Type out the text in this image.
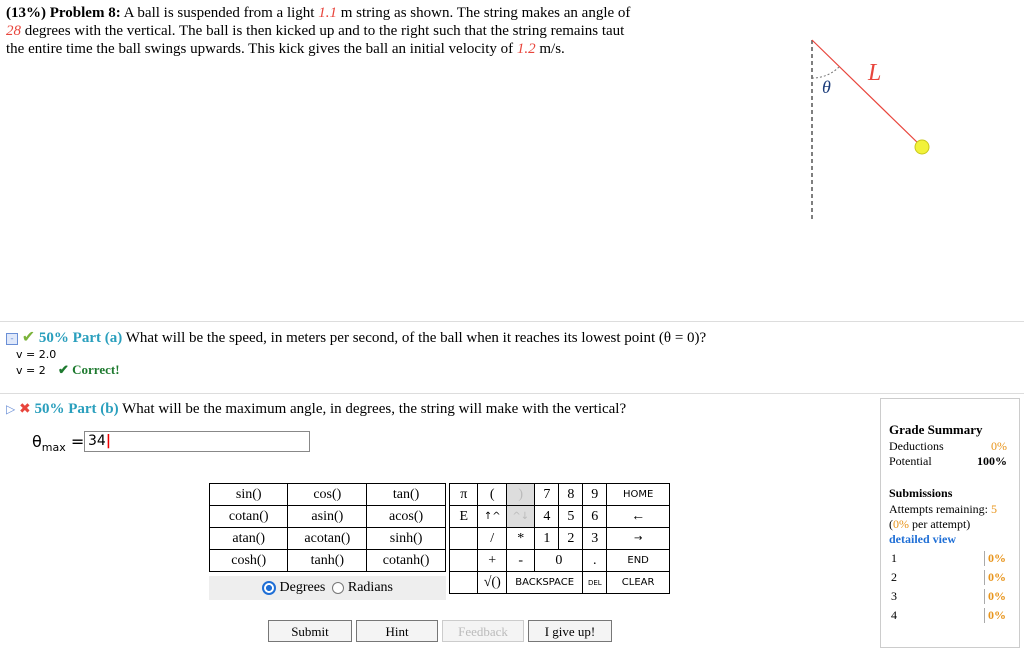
(13%) Problem 8: A ball is suspended from a light 1.1 m string as shown. The string makes an angle of 28 degrees with the vertical. The ball is then kicked up and to the right such that the string remains taut the entire time the ball swings upwards. This kick gives the ball an initial velocity of 1.2 m/s.
θ
L
- ✔ 50% Part (a) What will be the speed, in meters per second, of the ball when it reaches its lowest point (θ = 0)?
v = 2.0
v = 2 ✔ Correct!
▷ ✖ 50% Part (b) What will be the maximum angle, in degrees, the string will make with the vertical?
$\theta_{max} = 34|$
sin()	cos()	tan()
cotan()	asin()	acos()
atan()	acotan()	sinh()
cosh()	tanh()	cotanh()
Degrees Radians
π	(	)	7	8	9	HOME
E	↑^	^↓	4	5	6	←
	/	*	1	2	3	→
	+	-	0		.	END
	√()	BACKSPACE			DEL	CLEAR
Submit	Hint	Feedback	I give up!
Grade Summary
Deductions	0%
Potential	100%
Submissions
Attempts remaining: 5
(0% per attempt)
detailed view
1	0%
2	0%
3	0%
4	0%
